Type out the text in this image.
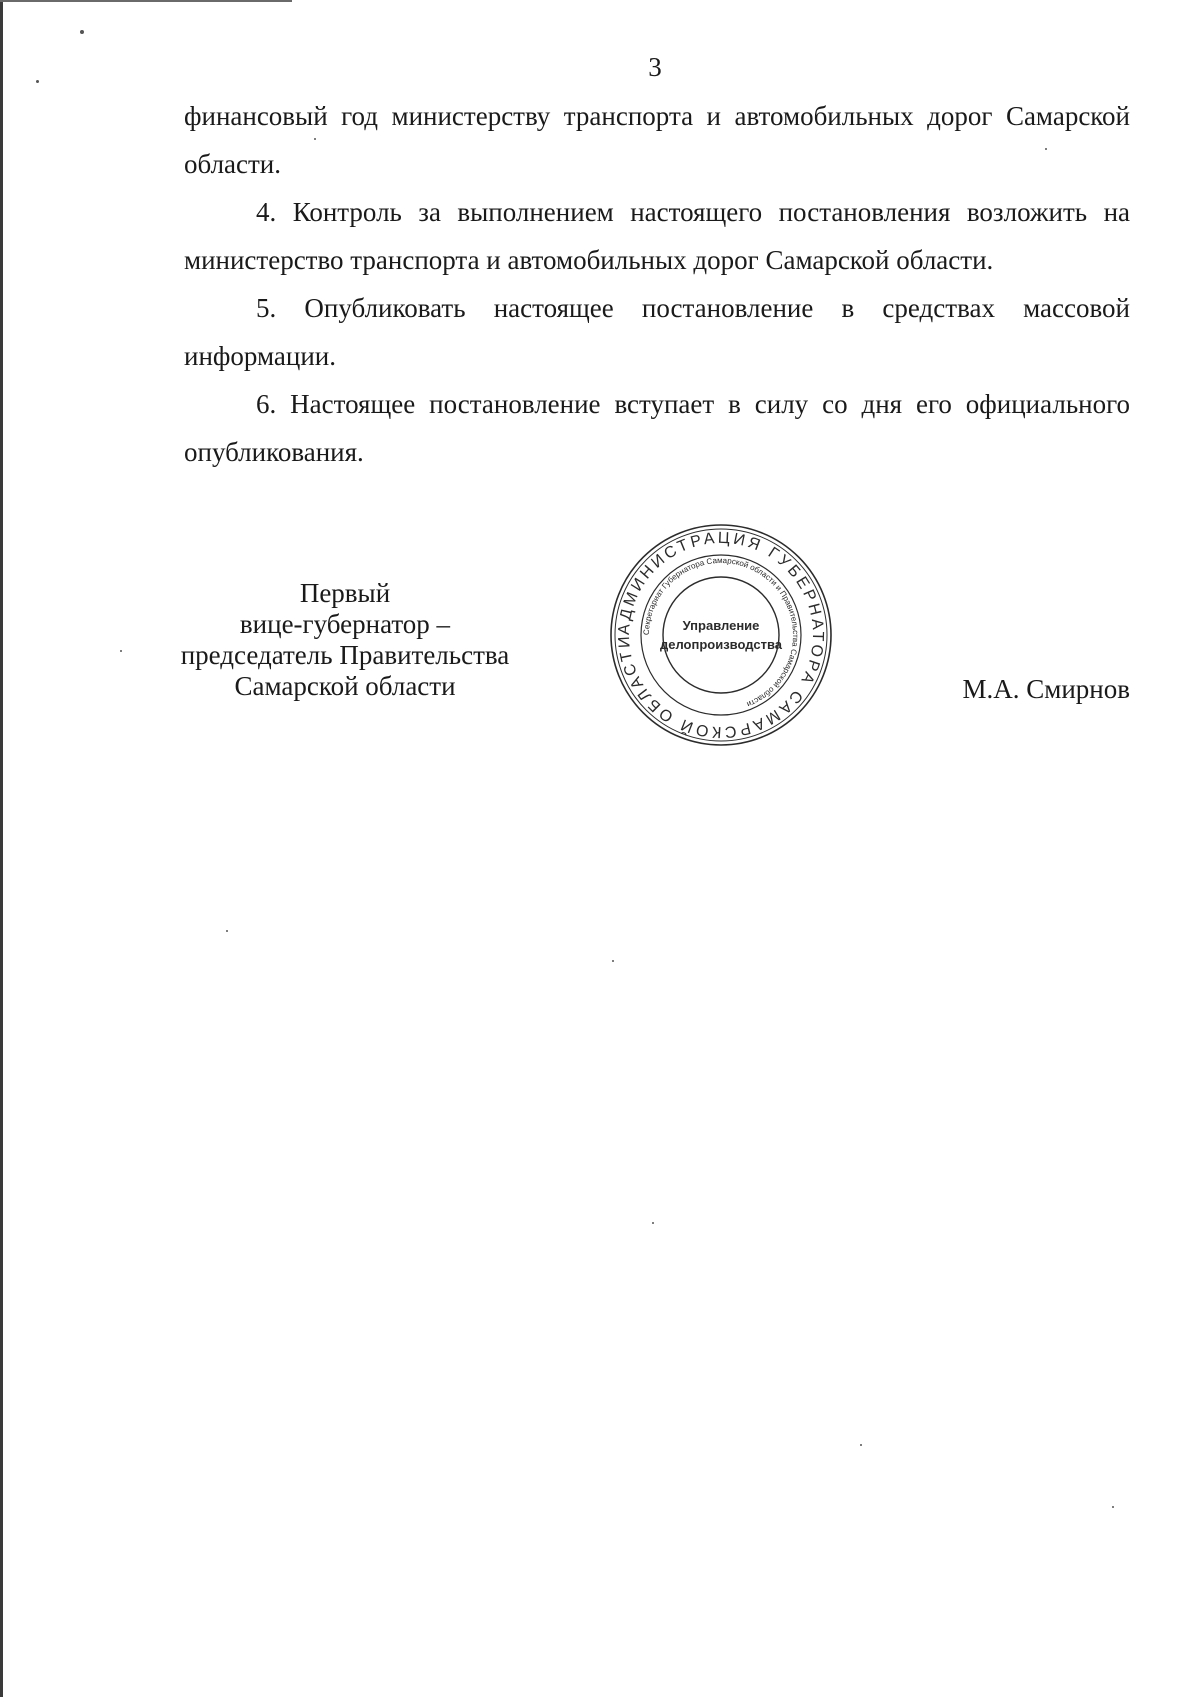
3

финансовый год министерству транспорта и автомобильных дорог Самарской области.

4. Контроль за выполнением настоящего постановления возложить на министерство транспорта и автомобильных дорог Самарской области.

5. Опубликовать настоящее постановление в средствах массовой информации.

6. Настоящее постановление вступает в силу со дня его официального опубликования.

Первый
вице-губернатор –
председатель Правительства
Самарской области	М.А. Смирнов
АДМИНИСТРАЦИЯ ГУБЕРНАТОРА САМАРСКОЙ ОБЛАСТИ
Секретариат Губернатора Самарской области и Правительства Самарской области
Управление
делопроизводства
